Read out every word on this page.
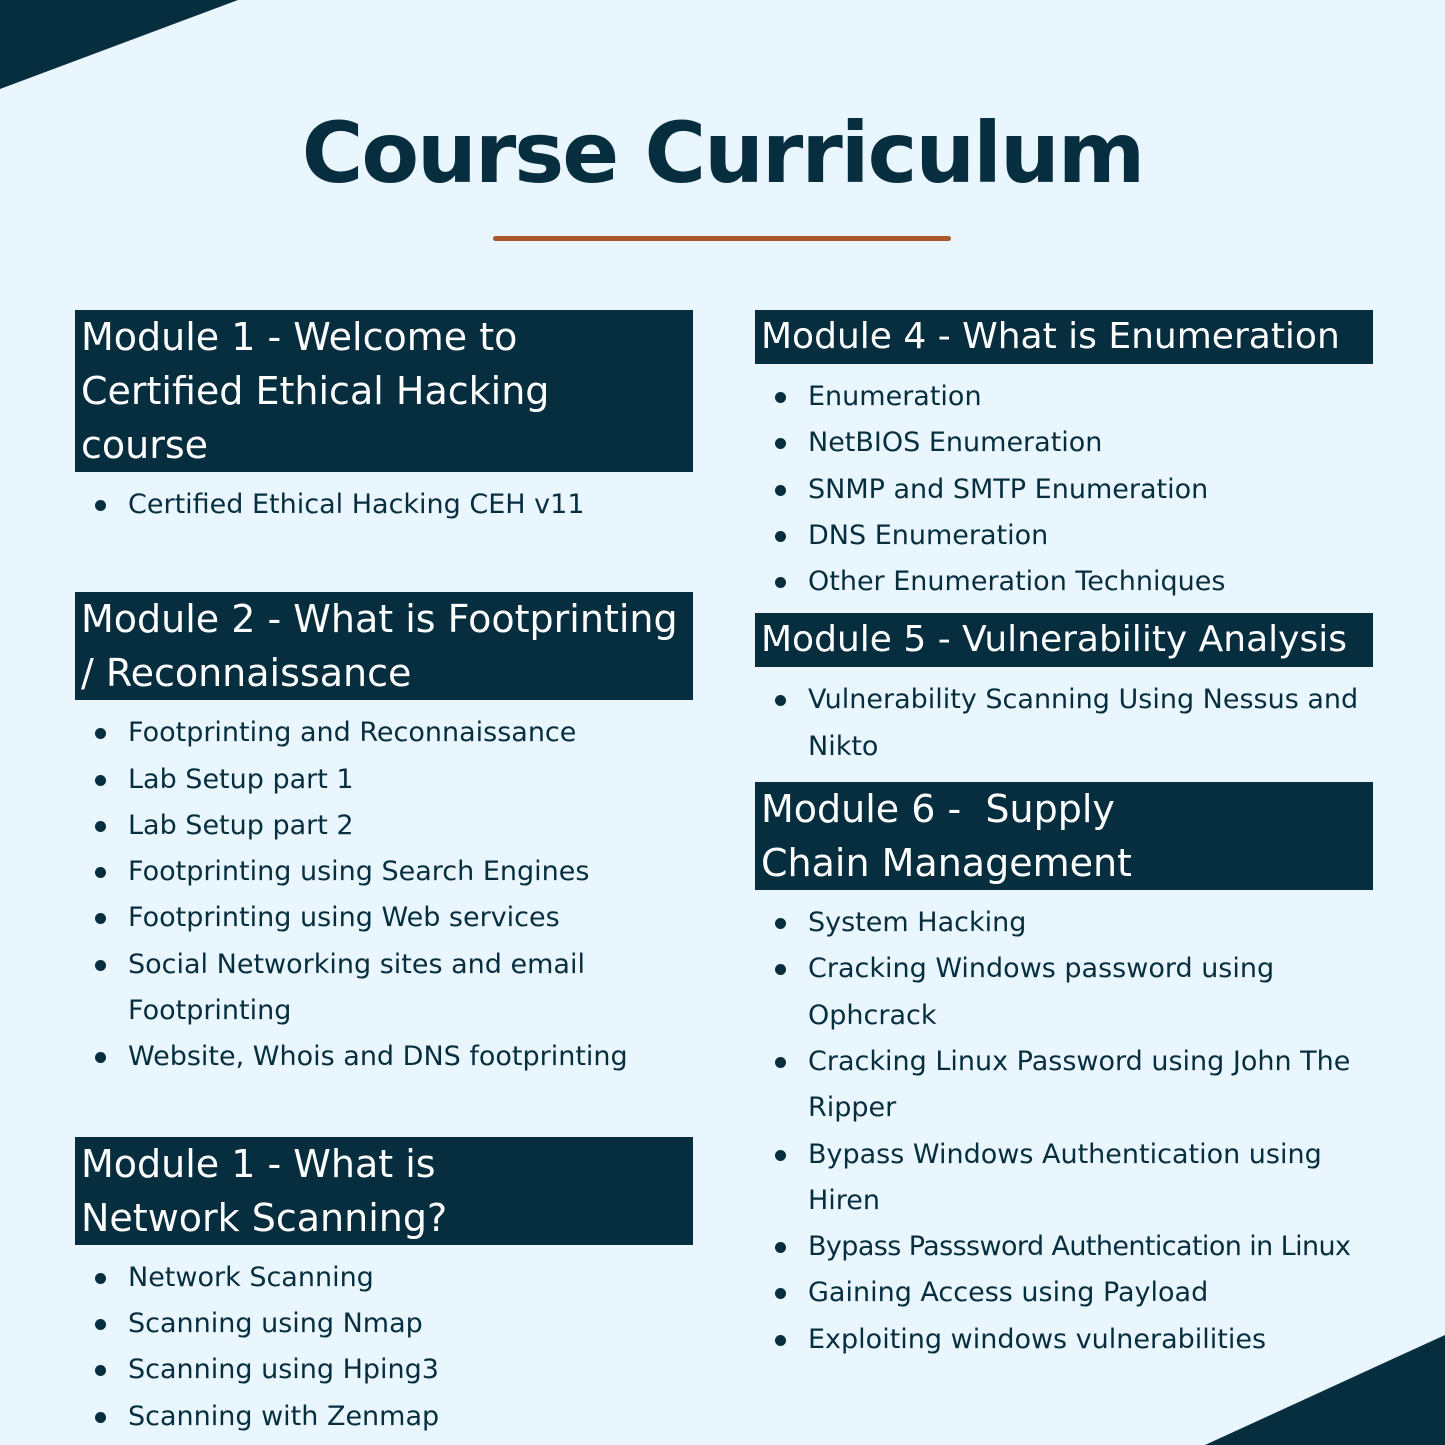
Course Curriculum
Module 1 - Welcome to Certified Ethical Hacking course
Certified Ethical Hacking CEH v11
Module 2 - What is Footprinting / Reconnaissance
Footprinting and Reconnaissance
Lab Setup part 1
Lab Setup part 2
Footprinting using Search Engines
Footprinting using Web services
Social Networking sites and email Footprinting
Website, Whois and DNS footprinting
Module 1 - What is Network Scanning?
Network Scanning
Scanning using Nmap
Scanning using Hping3
Scanning with Zenmap
Module 4 - What is Enumeration
Enumeration
NetBIOS Enumeration
SNMP and SMTP Enumeration
DNS Enumeration
Other Enumeration Techniques
Module 5 - Vulnerability Analysis
Vulnerability Scanning Using Nessus and Nikto
Module 6 -  Supply Chain Management
System Hacking
Cracking Windows password using Ophcrack
Cracking Linux Password using John The Ripper
Bypass Windows Authentication using Hiren
Bypass Passsword Authentication in Linux
Gaining Access using Payload
Exploiting windows vulnerabilities
